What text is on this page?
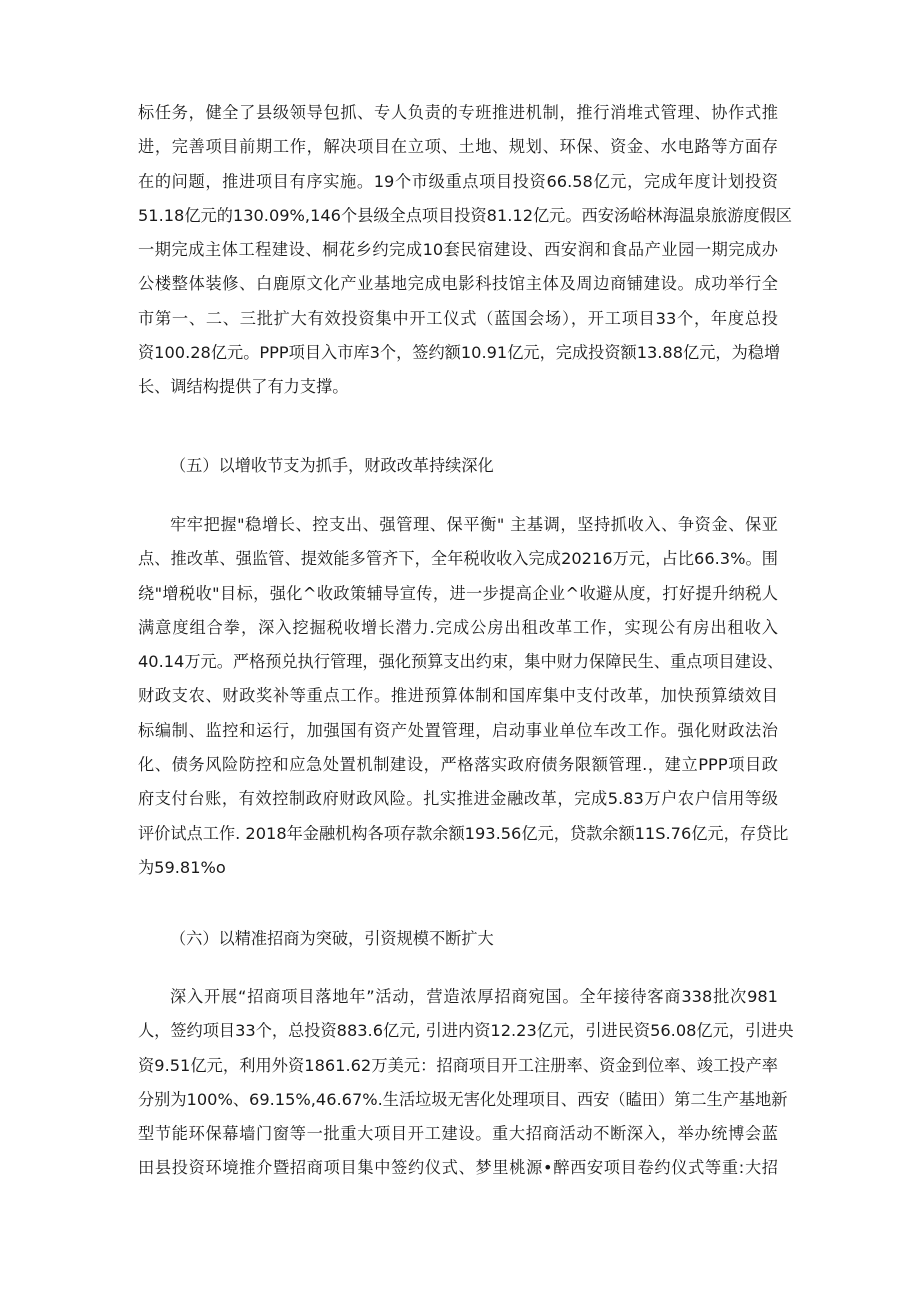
标任务，健全了县级领导包抓、专人负责的专班推进机制，推行消堆式管理、协作式推
进，完善项目前期工作，解决项目在立项、土地、规划、环保、资金、水电路等方面存
在的问题，推进项目有序实施。19个市级重点项目投资66.58亿元，完成年度计划投资
51.18亿元的130.09%,146个县级全点项目投资81.12亿元。西安汤峪林海温泉旅游度假区
一期完成主体工程建设、桐花乡约完成10套民宿建设、西安润和食品产业园一期完成办
公楼整体装修、白鹿原文化产业基地完成电影科技馆主体及周边商铺建设。成功举行全
市第一、二、三批扩大有效投资集中开工仪式（蓝国会场），开工项目33个，年度总投
资100.28亿元。PPP项目入市库3个，签约额10.91亿元，完成投资额13.88亿元，为稳增
长、调结构提供了有力支撑。

（五）以增收节支为抓手，财政改革持续深化

牢牢把握"稳增长、控支出、强管理、保平衡" 主基调，坚持抓收入、争资金、保亚
点、推改革、强监管、提效能多管齐下，全年税收收入完成20216万元，占比66.3%。围
绕"增税收"目标，强化^收政策辅导宣传，进一步提高企业^收避从度，打好提升纳税人
满意度组合拳，深入挖掘税收增长潜力.完成公房出租改革工作，实现公有房出租收入
40.14万元。严格预兑执行管理，强化预算支出约束，集中财力保障民生、重点项目建设、
财政支农、财政奖补等重点工作。推进预算体制和国库集中支付改革，加快预算绩效目
标编制、监控和运行，加强国有资产处置管理，启动事业单位车改工作。强化财政法治
化、债务风险防控和应急处置机制建设，严格落实政府债务限额管理.，建立PPP项目政
府支付台账，有效控制政府财政风险。扎实推进金融改革，完成5.83万户农户信用等级
评价试点工作. 2018年金融机构各项存款余额193.56亿元，贷款余额11S.76亿元，存贷比
为59.81%o

（六）以精准招商为突破，引资规模不断扩大

深入开展“招商项目落地年”活动，营造浓厚招商宛国。全年接待客商338批次981
人，签约项目33个，总投资883.6亿元, 引进内资12.23亿元，引进民资56.08亿元，引进央
资9.51亿元，利用外资1861.62万美元：招商项目开工注册率、资金到位率、竣工投产率
分别为100%、69.15%,46.67%.生活垃圾无害化处理项目、西安（瞌田）第二生产基地新
型节能环保幕墙门窗等一批重大项目开工建设。重大招商活动不断深入，举办统博会蓝
田县投资环境推介暨招商项目集中签约仪式、梦里桃源•醉西安项目卷约仪式等重:大招
